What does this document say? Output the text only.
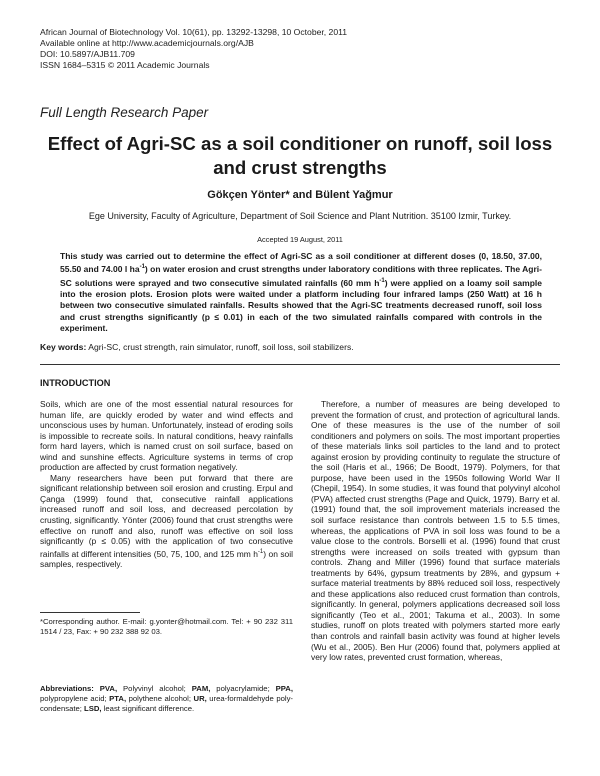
African Journal of Biotechnology Vol. 10(61), pp. 13292-13298, 10 October, 2011
Available online at http://www.academicjournals.org/AJB
DOI: 10.5897/AJB11.709
ISSN 1684–5315 © 2011 Academic Journals
Full Length Research Paper
Effect of Agri-SC as a soil conditioner on runoff, soil loss and crust strengths
Gökçen Yönter* and Bülent Yağmur
Ege University, Faculty of Agriculture, Department of Soil Science and Plant Nutrition. 35100 Izmir, Turkey.
Accepted 19 August, 2011
This study was carried out to determine the effect of Agri-SC as a soil conditioner at different doses (0, 18.50, 37.00, 55.50 and 74.00 l $ha^{-1}$) on water erosion and crust strengths under laboratory conditions with three replicates. The Agri-SC solutions were sprayed and two consecutive simulated rainfalls (60 mm $h^{-1}$) were applied on a loamy soil sample into the erosion plots. Erosion plots were waited under a platform including four infrared lamps (250 Watt) at 16 h between two consecutive simulated rainfalls. Results showed that the Agri-SC treatments decreased runoff, soil loss and crust strengths significantly (p ≤ 0.01) in each of the two simulated rainfalls compared with controls in the experiment.
Key words: Agri-SC, crust strength, rain simulator, runoff, soil loss, soil stabilizers.
INTRODUCTION

Soils, which are one of the most essential natural resources for human life, are quickly eroded by water and wind effects and unconscious uses by human. Unfortunately, instead of eroding soils is impossible to recreate soils. In natural conditions, heavy rainfalls form hard layers, which is named crust on soil surface, based on wind and sunshine effects. Agriculture systems in terms of crop production are affected by crust formation negatively.

Many researchers have been put forward that there are significant relationship between soil erosion and crusting. Erpul and Çanga (1999) found that, consecutive rainfall applications increased runoff and soil loss, and decreased percolation by crusting, significantly. Yönter (2006) found that crust strengths were effective on runoff and also, runoff was effective on soil loss significantly (p ≤ 0.05) with the application of two consecutive rainfalls at different intensities (50, 75, 100, and 125 mm $h^{-1}$) on soil samples, respectively.

*Corresponding author. E-mail: g.yonter@hotmail.com. Tel: + 90 232 311 1514 / 23, Fax: + 90 232 388 92 03.
Abbreviations: PVA, Polyvinyl alcohol; PAM, polyacrylamide; PPA, polypropylene acid; PTA, polythene alcohol; UR, urea-formaldehyde poly-condensate; LSD, least significant difference.

Therefore, a number of measures are being developed to prevent the formation of crust, and protection of agricultural lands. One of these measures is the use of the number of soil conditioners and polymers on soils. The most important properties of these materials links soil particles to the land and to protect against erosion by providing continuity to regulate the structure of the soil (Haris et al., 1966; De Boodt, 1979). Polymers, for that purpose, have been used in the 1950s following World War II (Chepil, 1954). In some studies, it was found that polyvinyl alcohol (PVA) affected crust strengths (Page and Quick, 1979). Barry et al. (1991) found that, the soil improvement materials increased the soil surface resistance than controls between 1.5 to 5.5 times, whereas, the applications of PVA in soil loss was found to be a value close to the controls. Borselli et al. (1996) found that crust strengths were increased on soils treated with gypsum than controls. Zhang and Miller (1996) found that surface materials treatments by 64%, gypsum treatments by 28%, and gypsum + surface material treatments by 88% reduced soil loss, respectively and these applications also reduced crust formation than controls, significantly. In general, polymers applications decreased soil loss significantly (Teo et al., 2001; Takuma et al., 2003). In some studies, runoff on plots treated with polymers started more early than controls and rainfall basin activity was found at higher levels (Wu et al., 2005). Ben Hur (2006) found that, polymers applied at very low rates, prevented crust formation, whereas,
